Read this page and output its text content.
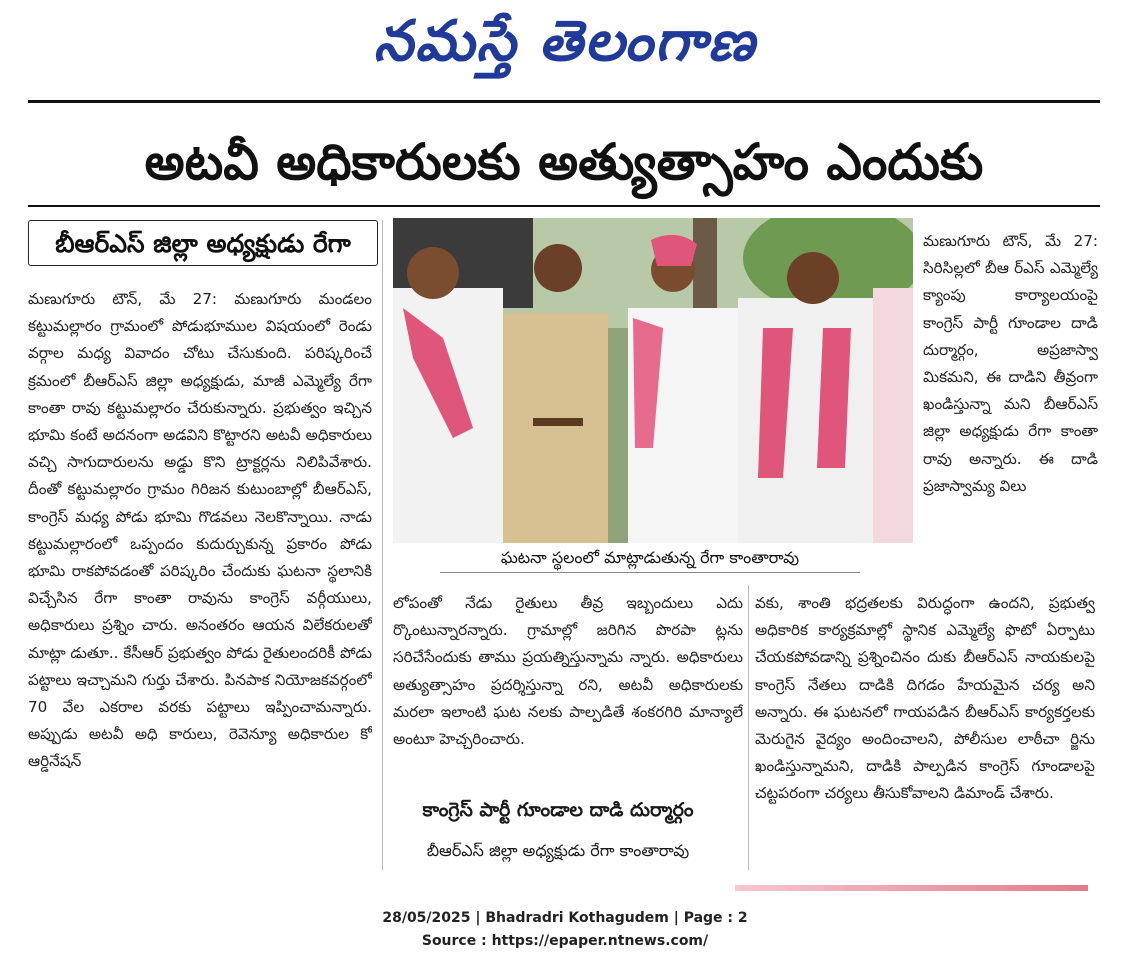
నమస్తే తెలంగాణ
అటవీ అధికారులకు అత్యుత్సాహం ఎందుకు
బీఆర్ఎస్ జిల్లా అధ్యక్షుడు రేగా

మణుగూరు టౌన్, మే 27: మణుగూరు మండలం కట్టుమల్లారం గ్రామంలో పోడుభూముల విషయంలో రెండు వర్గాల మధ్య వివాదం చోటు చేసుకుంది. పరిష్కరించే క్రమంలో బీఆర్ఎస్ జిల్లా అధ్యక్షుడు, మాజీ ఎమ్మెల్యే రేగా కాంతా రావు కట్టుమల్లారం చేరుకున్నారు. ప్రభుత్వం ఇచ్చిన భూమి కంటే అదనంగా అడవిని కొట్టారని అటవీ అధికారులు వచ్చి సాగుదారులను అడ్డు కొని ట్రాక్టర్లను నిలిపివేశారు. దీంతో కట్టుమల్లారం గ్రామం గిరిజన కుటుంబాల్లో బీఆర్ఎస్, కాంగ్రెస్ మధ్య పోడు భూమి గొడవలు నెలకొన్నాయి. నాడు కట్టుమల్లారంలో ఒప్పందం కుదుర్చుకున్న ప్రకారం పోడు భూమి రాకపోవడంతో పరిష్కరిం చేందుకు ఘటనా స్థలానికి విచ్చేసిన రేగా కాంతా రావును కాంగ్రెస్ వర్గీయులు, అధికారులు ప్రశ్నిం చారు. అనంతరం ఆయన విలేకరులతో మాట్లా డుతూ.. కేసీఆర్ ప్రభుత్వం పోడు రైతులందరికీ పోడు పట్టాలు ఇచ్చామని గుర్తు చేశారు. పినపాక నియోజకవర్గంలో 70 వేల ఎకరాల వరకు పట్టాలు ఇప్పించామన్నారు. అప్పుడు అటవీ అధి కారులు, రెవెన్యూ అధికారుల కో ఆర్డినేషన్

ఘటనా స్థలంలో మాట్లాడుతున్న రేగా కాంతారావు

లోపంతో నేడు రైతులు తీవ్ర ఇబ్బందులు ఎదు ర్కొంటున్నారన్నారు. గ్రామాల్లో జరిగిన పొరపా ట్లను సరిచేసేందుకు తాము ప్రయత్నిస్తున్నామ న్నారు. అధికారులు అత్యుత్సాహం ప్రదర్శిస్తున్నా రని, అటవీ అధికారులకు మరలా ఇలాంటి ఘట నలకు పాల్పడితే శంకరగిరి మాన్యాలే అంటూ హెచ్చరించారు.

కాంగ్రెస్ పార్టీ గూండాల దాడి దుర్మార్గం
బీఆర్ఎస్ జిల్లా అధ్యక్షుడు రేగా కాంతారావు

మణుగూరు టౌన్, మే 27: సిరిసిల్లలో బీఆ ర్ఎస్ ఎమ్మెల్యే క్యాంపు కార్యాలయంపై కాంగ్రెస్ పార్టీ గూండాల దాడి దుర్మార్గం, అప్రజాస్వా మికమని, ఈ దాడిని తీవ్రంగా ఖండిస్తున్నా మని బీఆర్ఎస్ జిల్లా అధ్యక్షుడు రేగా కాంతా రావు అన్నారు. ఈ దాడి ప్రజాస్వామ్య విలు

వకు, శాంతి భద్రతలకు విరుద్ధంగా ఉందని, ప్రభుత్వ అధికారిక కార్యక్రమాల్లో స్థానిక ఎమ్మెల్యే ఫొటో ఏర్పాటు చేయకపోవడాన్ని ప్రశ్నించినం దుకు బీఆర్ఎస్ నాయకులపై కాంగ్రెస్ నేతలు దాడికి దిగడం హేయమైన చర్య అని అన్నారు. ఈ ఘటనలో గాయపడిన బీఆర్ఎస్ కార్యకర్తలకు మెరుగైన వైద్యం అందించాలని, పోలీసుల లాఠీచా ర్జిను ఖండిస్తున్నామని, దాడికి పాల్పడిన కాంగ్రెస్ గూండాలపై చట్టపరంగా చర్యలు తీసుకోవాలని డిమాండ్ చేశారు.

28/05/2025 | Bhadradri Kothagudem | Page : 2
Source : https://epaper.ntnews.com/
